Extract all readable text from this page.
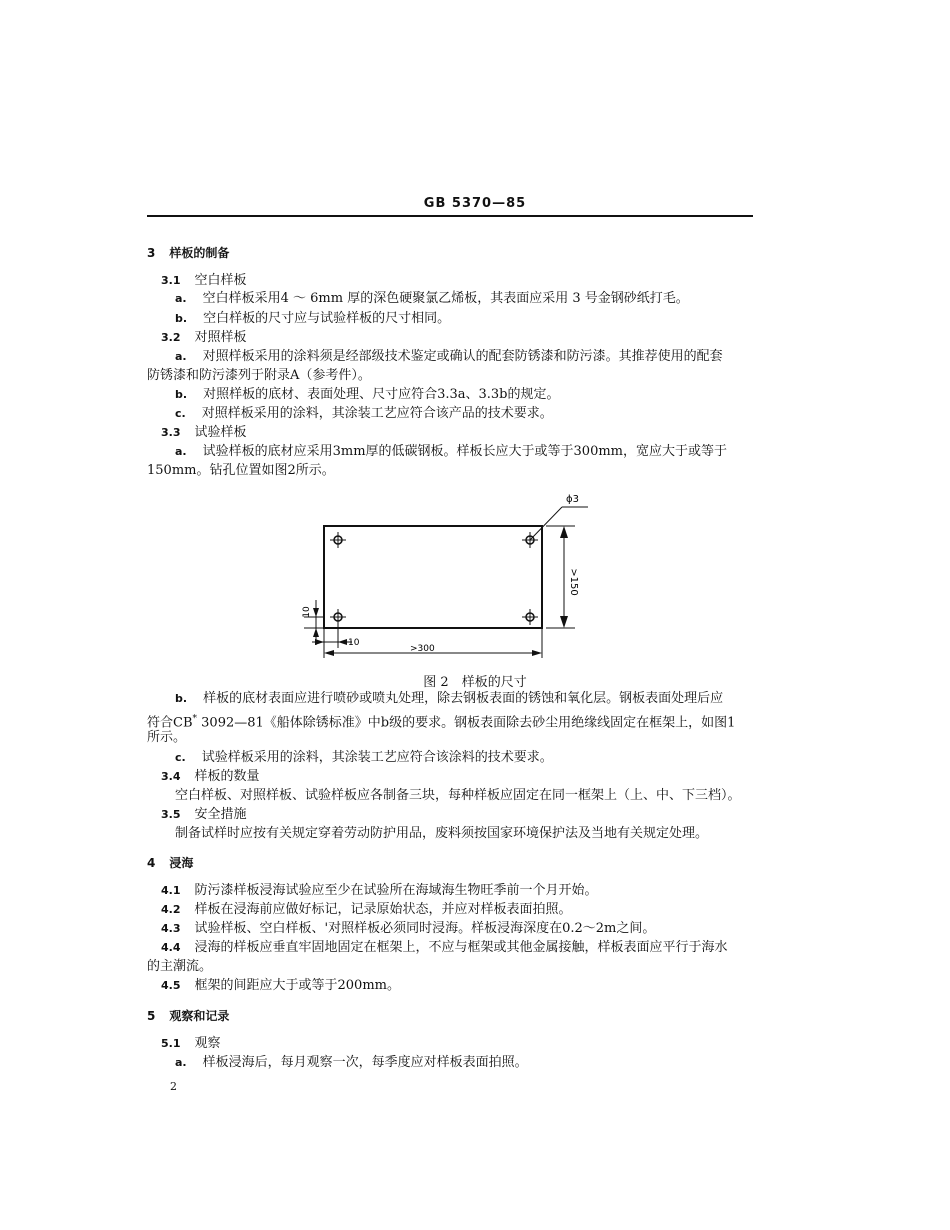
GB 5370—85
3 样板的制备
3.1 空白样板
a. 空白样板采用4 ～ 6mm 厚的深色硬聚氯乙烯板，其表面应采用 3 号金钢砂纸打毛。
b. 空白样板的尺寸应与试验样板的尺寸相同。
3.2 对照样板
a. 对照样板采用的涂料须是经部级技术鉴定或确认的配套防锈漆和防污漆。其推荐使用的配套
防锈漆和防污漆列于附录A（参考件）。
b. 对照样板的底材、表面处理、尺寸应符合3.3a、3.3b的规定。
c. 对照样板采用的涂料，其涂装工艺应符合该产品的技术要求。
3.3 试验样板
a. 试验样板的底材应采用3mm厚的低碳钢板。样板长应大于或等于300mm，宽应大于或等于
150mm。钻孔位置如图2所示。
ϕ3
>150
10
10
>300
图 2　样板的尺寸
b. 样板的底材表面应进行喷砂或喷丸处理，除去钢板表面的锈蚀和氧化层。钢板表面处理后应
符合CB* 3092—81《船体除锈标准》中b级的要求。钢板表面除去砂尘用绝缘线固定在框架上，如图1
所示。
c. 试验样板采用的涂料，其涂装工艺应符合该涂料的技术要求。
3.4 样板的数量
空白样板、对照样板、试验样板应各制备三块，每种样板应固定在同一框架上（上、中、下三档）。
3.5 安全措施
制备试样时应按有关规定穿着劳动防护用品，废料须按国家环境保护法及当地有关规定处理。
4 浸海
4.1 防污漆样板浸海试验应至少在试验所在海域海生物旺季前一个月开始。
4.2 样板在浸海前应做好标记，记录原始状态，并应对样板表面拍照。
4.3 试验样板、空白样板、'对照样板必须同时浸海。样板浸海深度在0.2～2m之间。
4.4 浸海的样板应垂直牢固地固定在框架上，不应与框架或其他金属接触，样板表面应平行于海水
的主潮流。
4.5 框架的间距应大于或等于200mm。
5 观察和记录
5.1 观察
a. 样板浸海后，每月观察一次，每季度应对样板表面拍照。
2
